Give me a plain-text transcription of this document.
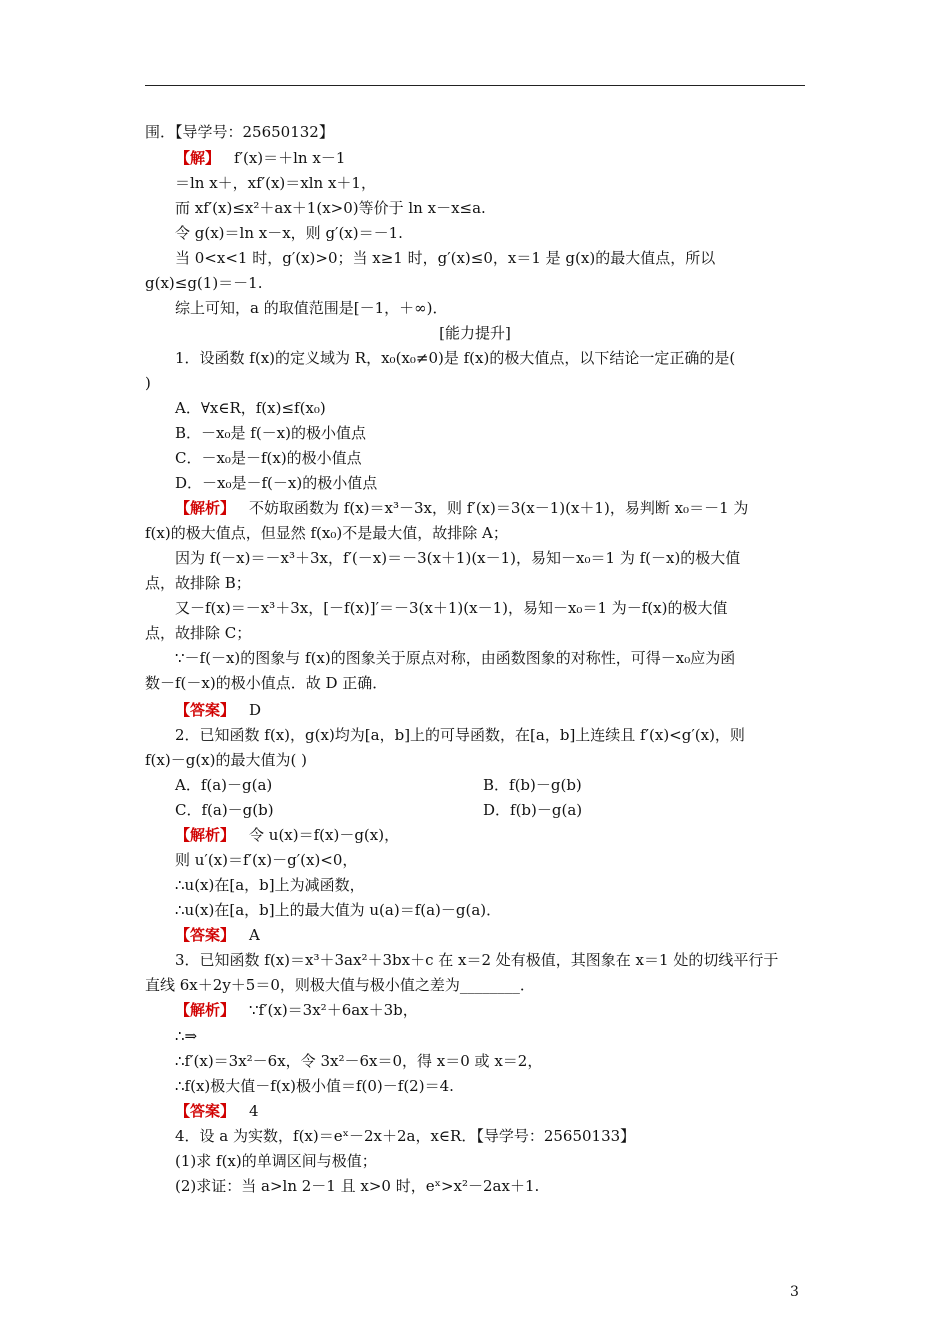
围．【导学号：25650132】
【解】 f′(x)＝＋ln x－1
＝ln x＋，xf′(x)＝xln x＋1，
而 xf′(x)≤x²＋ax＋1(x>0)等价于 ln x－x≤a.
令 g(x)＝ln x－x，则 g′(x)＝－1.
当 0<x<1 时，g′(x)>0；当 x≥1 时，g′(x)≤0，x＝1 是 g(x)的最大值点，所以
g(x)≤g(1)＝－1.
综上可知，a 的取值范围是[－1，＋∞)．
[能力提升]
1．设函数 f(x)的定义域为 R，x₀(x₀≠0)是 f(x)的极大值点，以下结论一定正确的是(
)
A．∀x∈R，f(x)≤f(x₀)
B．－x₀是 f(－x)的极小值点
C．－x₀是－f(x)的极小值点
D．－x₀是－f(－x)的极小值点
【解析】 不妨取函数为 f(x)＝x³－3x，则 f′(x)＝3(x－1)(x＋1)，易判断 x₀＝－1 为
f(x)的极大值点，但显然 f(x₀)不是最大值，故排除 A；
因为 f(－x)＝－x³＋3x，f′(－x)＝－3(x＋1)(x－1)，易知－x₀＝1 为 f(－x)的极大值
点，故排除 B；
又－f(x)＝－x³＋3x，[－f(x)]′＝－3(x＋1)(x－1)，易知－x₀＝1 为－f(x)的极大值
点，故排除 C；
∵－f(－x)的图象与 f(x)的图象关于原点对称，由函数图象的对称性，可得－x₀应为函
数－f(－x)的极小值点．故 D 正确．
【答案】 D
2．已知函数 f(x)，g(x)均为[a，b]上的可导函数，在[a，b]上连续且 f′(x)<g′(x)，则
f(x)－g(x)的最大值为( )
A．f(a)－g(a)	B．f(b)－g(b)
C．f(a)－g(b)	D．f(b)－g(a)
【解析】 令 u(x)＝f(x)－g(x)，
则 u′(x)＝f′(x)－g′(x)<0，
∴u(x)在[a，b]上为减函数，
∴u(x)在[a，b]上的最大值为 u(a)＝f(a)－g(a)．
【答案】 A
3．已知函数 f(x)＝x³＋3ax²＋3bx＋c 在 x＝2 处有极值，其图象在 x＝1 处的切线平行于
直线 6x＋2y＋5＝0，则极大值与极小值之差为________．
【解析】 ∵f′(x)＝3x²＋6ax＋3b，
∴⇒
∴f′(x)＝3x²－6x，令 3x²－6x＝0，得 x＝0 或 x＝2，
∴f(x)极大值－f(x)极小值＝f(0)－f(2)＝4.
【答案】 4
4．设 a 为实数，f(x)＝eˣ－2x＋2a，x∈R．【导学号：25650133】
(1)求 f(x)的单调区间与极值；
(2)求证：当 a>ln 2－1 且 x>0 时，eˣ>x²－2ax＋1.
3
